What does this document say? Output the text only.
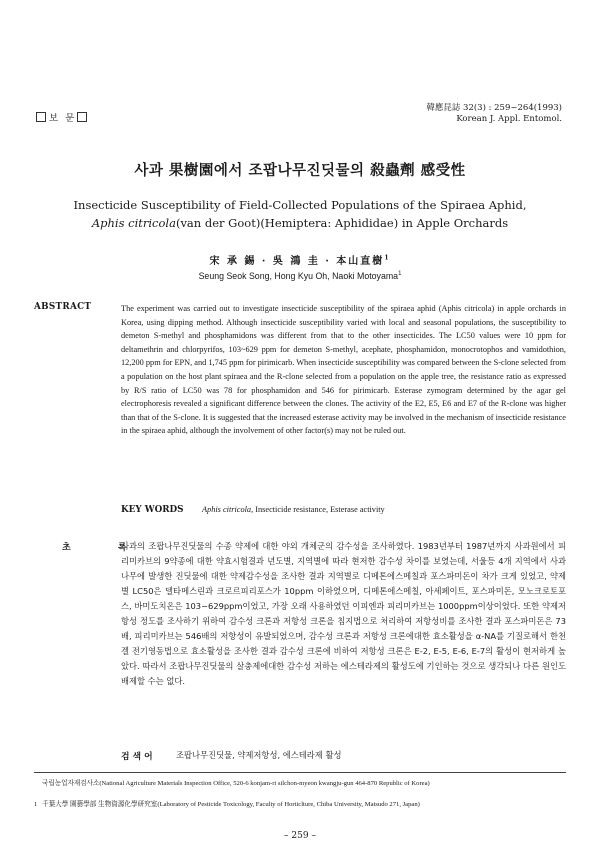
보 문
韓應昆誌 32(3) : 259~264(1993)
Korean J. Appl. Entomol.
사과 果樹園에서 조팝나무진딧물의 殺蟲劑 感受性
Insecticide Susceptibility of Field-Collected Populations of the Spiraea Aphid,
Aphis citricola(van der Goot)(Hemiptera: Aphididae) in Apple Orchards
宋 承 錫 · 吳 鴻 圭 · 本山直樹$^1$
Seung Seok Song, Hong Kyu Oh, Naoki Motoyama$^1$
ABSTRACT	The experiment was carried out to investigate insecticide susceptibility of the spiraea aphid (Aphis citricola) in apple orchards in Korea, using dipping method. Although insecticide susceptibility varied with local and seasonal populations, the susceptibility to demeton S-methyl and phosphamidons was different from that to the other insecticides. The LC50 values were 10 ppm for deltamethrin and chlorpyrifos, 103~629 ppm for demeton S-methyl, acephate, phosphamidon, monocrotophos and vamidothion, 12,200 ppm for EPN, and 1,745 ppm for pirimicarb. When insecticide susceptibility was compared between the S-clone selected from a population on the host plant spiraea and the R-clone selected from a population on the apple tree, the resistance ratio as expressed by R/S ratio of LC50 was 78 for phosphamidon and 546 for pirimicarb. Esterase zymogram determined by the agar gel electrophoresis revealed a significant difference between the clones. The activity of the E2, E5, E6 and E7 of the R-clone was higher than that of the S-clone. It is suggested that the increased esterase activity may be involved in the mechanism of insecticide resistance in the spiraea aphid, although the involvement of other factor(s) may not be ruled out.
KEY WORDS Aphis citricola, Insecticide resistance, Esterase activity
초 록
사과의 조팝나무진딧물의 수종 약제에 대한 야외 개체군의 감수성을 조사하였다. 1983년부터 1987년까지 사과원에서 피리미카브의 9약종에 대한 약효시험결과 년도별, 지역별에 따라 현저한 감수성 차이를 보였는데, 서울등 4개 지역에서 사과나무에 발생한 진딧물에 대한 약제감수성을 조사한 결과 지역별로 디메톤에스메칠과 포스파미돈이 차가 크게 있었고, 약제별 LC50은 델타메스린과 크로르피리포스가 10ppm 이하였으며, 디메톤에스메칠, 아세페이트, 포스파미돈, 모노크로토포스, 바미도치온은 103~629ppm이었고, 가장 오래 사용하였던 이피엔과 피리미카브는 1000ppm이상이었다. 또한 약제저항성 정도를 조사하기 위하여 감수성 크론과 저항성 크론을 침지법으로 처리하여 저항성비를 조사한 결과 포스파미돈은 73배, 피리미카브는 546배의 저항성이 유발되었으며, 감수성 크론과 저항성 크론에대한 효소활성을 α-NA를 기질로해서 한천겔 전기영동법으로 효소활성을 조사한 결과 감수성 크론에 비하여 저항성 크론은 E-2, E-5, E-6, E-7의 활성이 현저하게 높았다. 따라서 조팝나무진딧물의 살충제에대한 감수성 저하는 에스테라제의 활성도에 기인하는 것으로 생각되나 다른 원인도 배제할 수는 없다.
검 색 어	조팝나무진딧물, 약제저항성, 에스테라제 활성
국립농업자재검사소(National Agriculture Materials Inspection Office, 520-6 konjam-ri silchon-myeon kwangju-gun 464-870 Republic of Korea)
1 千葉大學 園藝學部 生物資源化學研究室(Laboratory of Pesticide Toxicology, Faculty of Horticlture, Chiba University, Matsudo 271, Japan)
– 259 –
